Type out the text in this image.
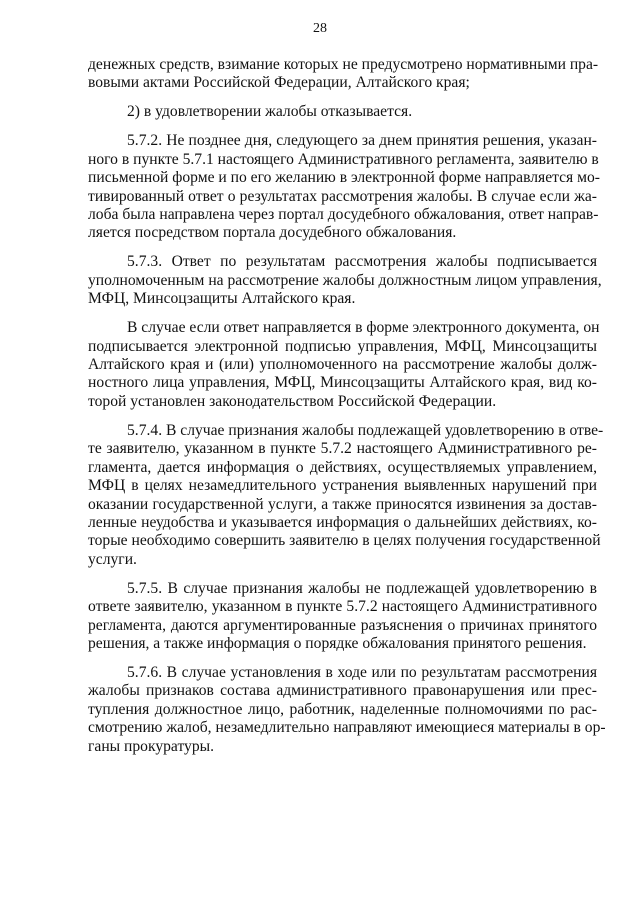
28
денежных средств, взимание которых не предусмотрено нормативными пра-
вовыми актами Российской Федерации, Алтайского края;
2) в удовлетворении жалобы отказывается.
5.7.2. Не позднее дня, следующего за днем принятия решения, указан-
ного в пункте 5.7.1 настоящего Административного регламента, заявителю в
письменной форме и по его желанию в электронной форме направляется мо-
тивированный ответ о результатах рассмотрения жалобы. В случае если жа-
лоба была направлена через портал досудебного обжалования, ответ направ-
ляется посредством портала досудебного обжалования.
5.7.3. Ответ по результатам рассмотрения жалобы подписывается
уполномоченным на рассмотрение жалобы должностным лицом управления,
МФЦ, Минсоцзащиты Алтайского края.
В случае если ответ направляется в форме электронного документа, он
подписывается электронной подписью управления, МФЦ, Минсоцзащиты
Алтайского края и (или) уполномоченного на рассмотрение жалобы долж-
ностного лица управления, МФЦ, Минсоцзащиты Алтайского края, вид ко-
торой установлен законодательством Российской Федерации.
5.7.4. В случае признания жалобы подлежащей удовлетворению в отве-
те заявителю, указанном в пункте 5.7.2 настоящего Административного ре-
гламента, дается информация о действиях, осуществляемых управлением,
МФЦ в целях незамедлительного устранения выявленных нарушений при
оказании государственной услуги, а также приносятся извинения за достав-
ленные неудобства и указывается информация о дальнейших действиях, ко-
торые необходимо совершить заявителю в целях получения государственной
услуги.
5.7.5. В случае признания жалобы не подлежащей удовлетворению в
ответе заявителю, указанном в пункте 5.7.2 настоящего Административного
регламента, даются аргументированные разъяснения о причинах принятого
решения, а также информация о порядке обжалования принятого решения.
5.7.6. В случае установления в ходе или по результатам рассмотрения
жалобы признаков состава административного правонарушения или прес-
тупления должностное лицо, работник, наделенные полномочиями по рас-
смотрению жалоб, незамедлительно направляют имеющиеся материалы в ор-
ганы прокуратуры.
